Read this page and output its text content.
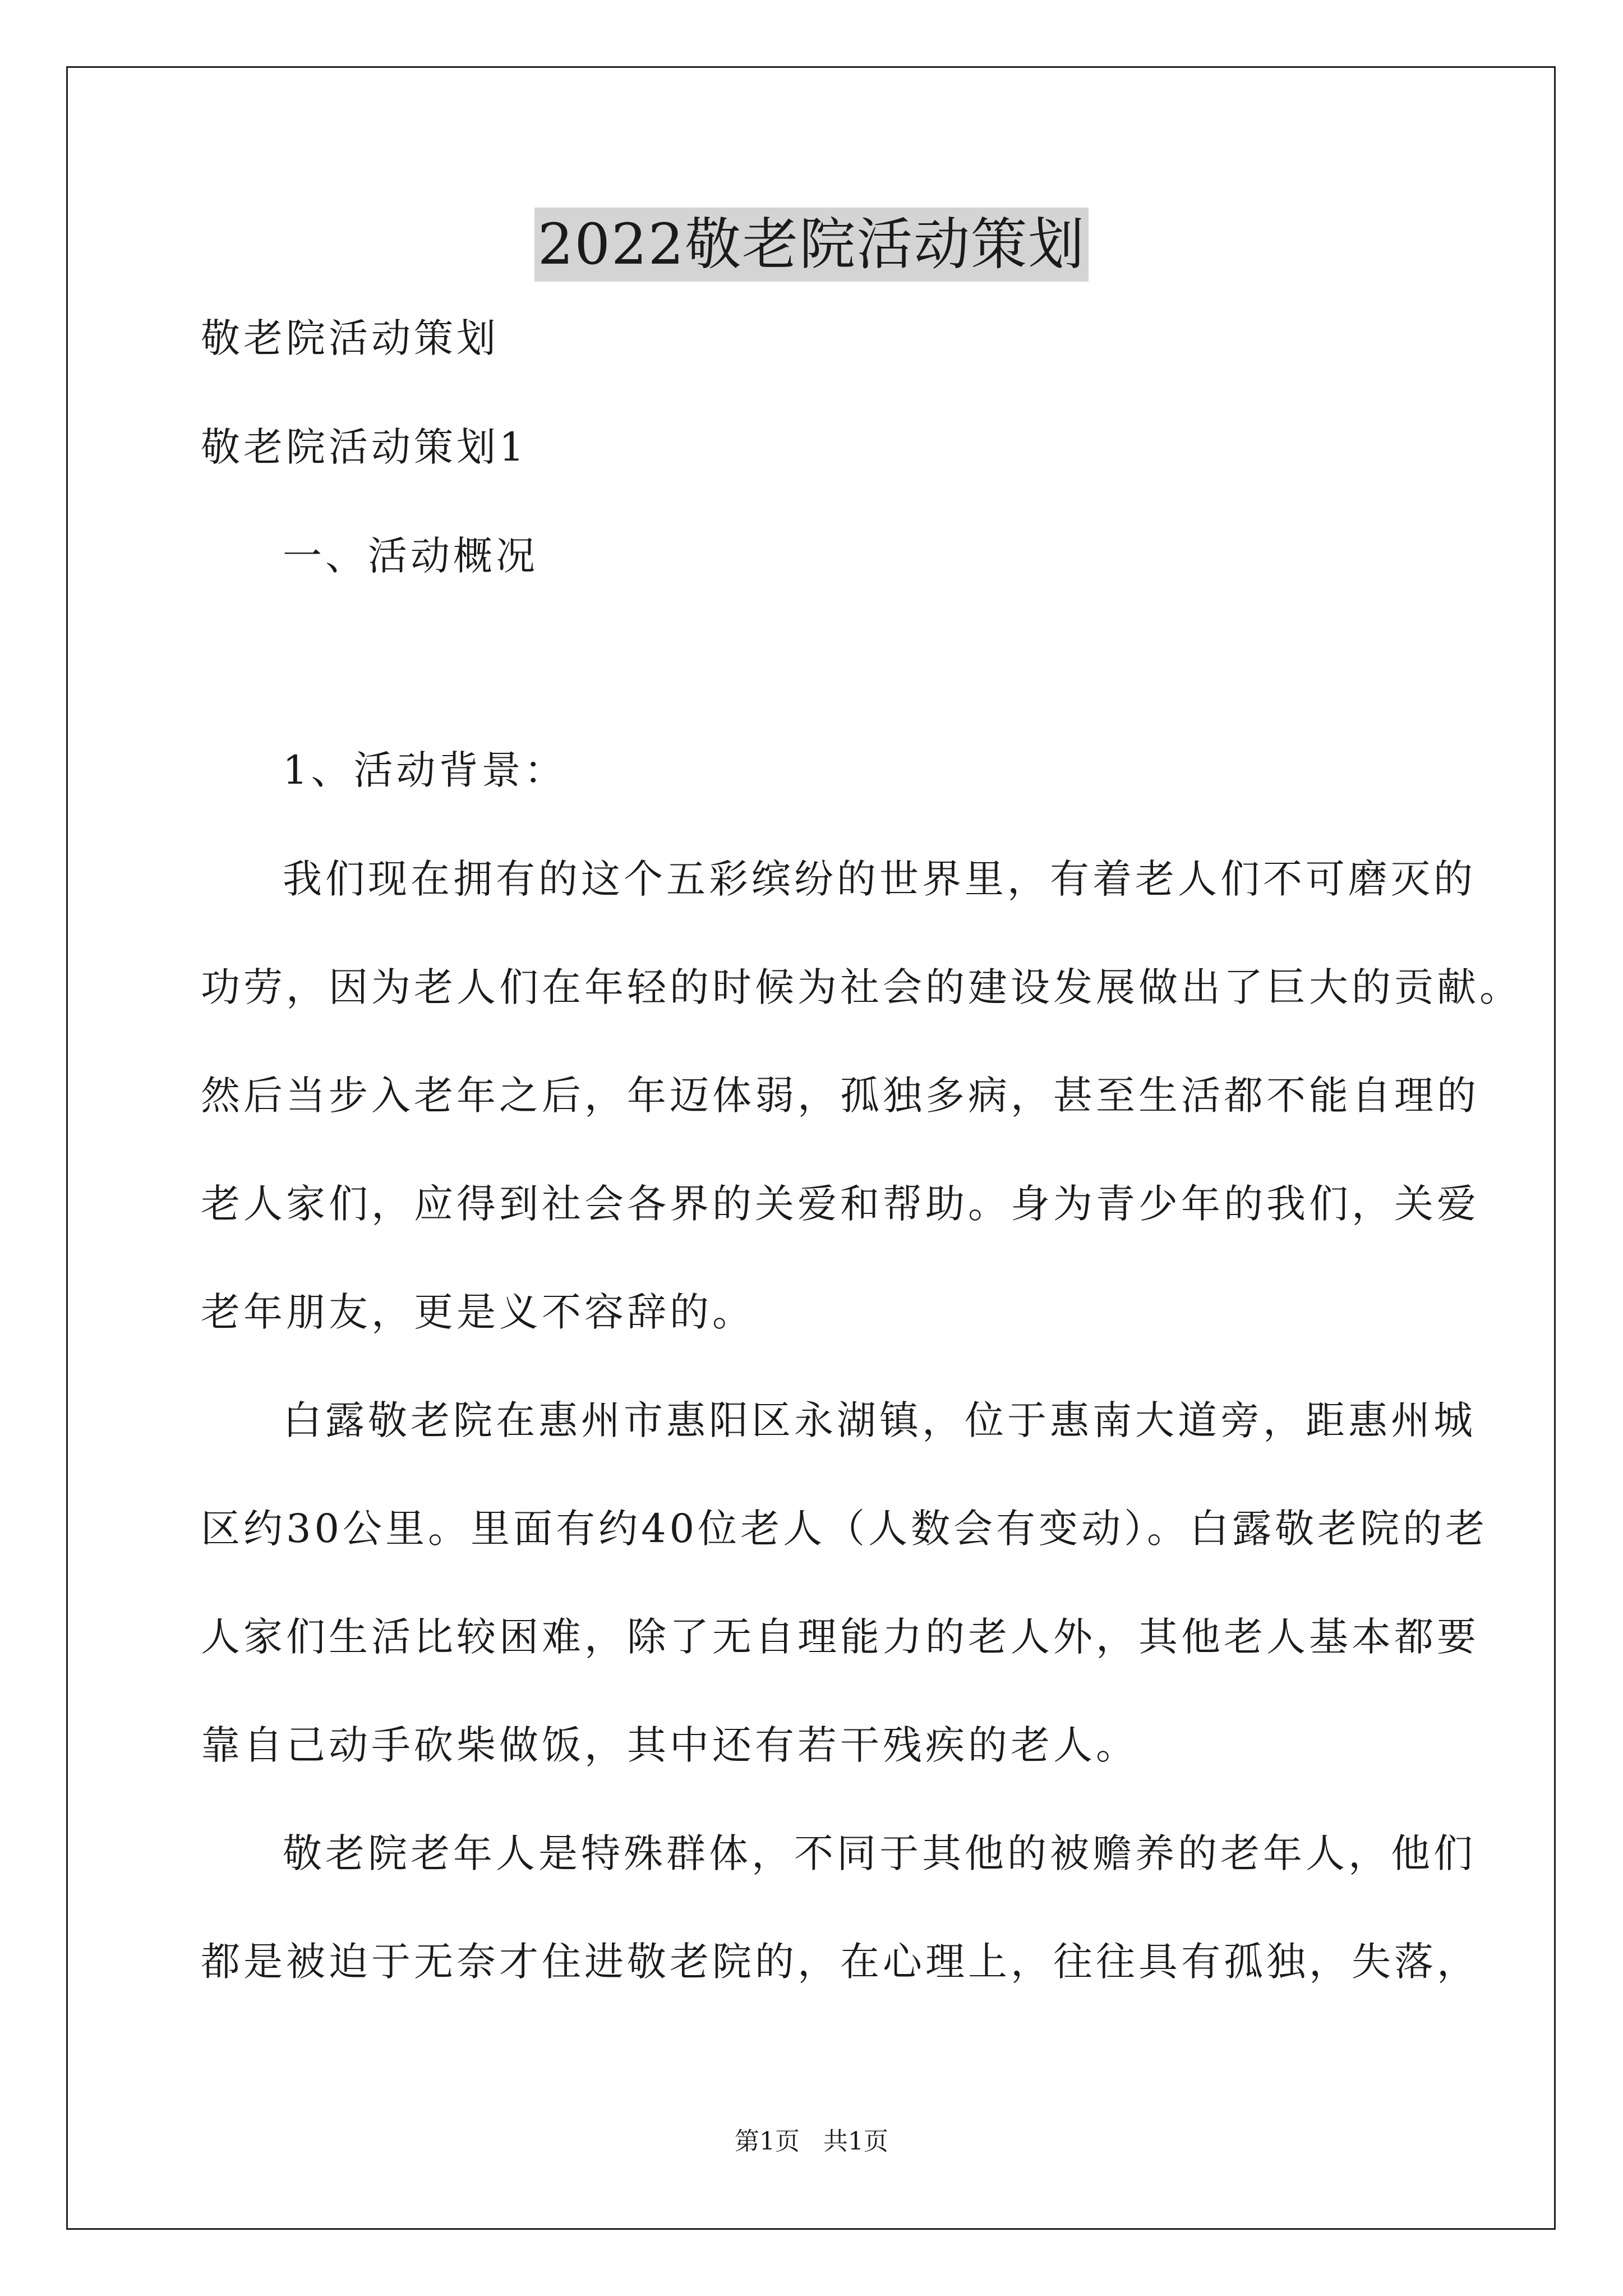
2022敬老院活动策划
敬老院活动策划
敬老院活动策划1
一、活动概况
1、活动背景：
我们现在拥有的这个五彩缤纷的世界里，有着老人们不可磨灭的
功劳，因为老人们在年轻的时候为社会的建设发展做出了巨大的贡献。
然后当步入老年之后，年迈体弱，孤独多病，甚至生活都不能自理的
老人家们，应得到社会各界的关爱和帮助。身为青少年的我们，关爱
老年朋友，更是义不容辞的。
白露敬老院在惠州市惠阳区永湖镇，位于惠南大道旁，距惠州城
区约30公里。里面有约40位老人（人数会有变动）。白露敬老院的老
人家们生活比较困难，除了无自理能力的老人外，其他老人基本都要
靠自己动手砍柴做饭，其中还有若干残疾的老人。
敬老院老年人是特殊群体，不同于其他的被赡养的老年人，他们
都是被迫于无奈才住进敬老院的，在心理上，往往具有孤独，失落，
第1页 共1页
